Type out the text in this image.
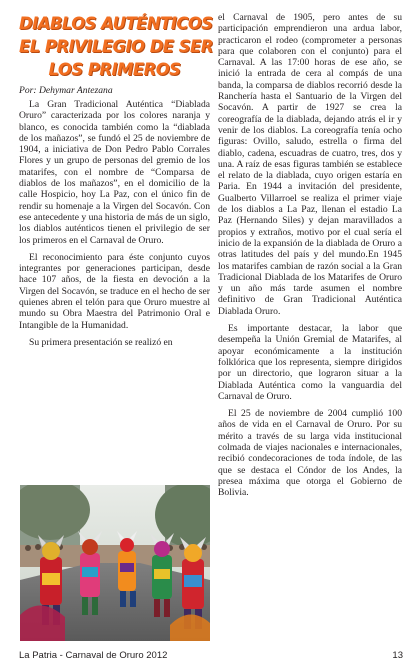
DIABLOS AUTÉNTICOS
EL PRIVILEGIO DE SER
LOS PRIMEROS
Por: Dehymar Antezana

La Gran Tradicional Auténtica “Diablada Oruro” caracterizada por los colores naranja y blanco, es conocida también como la “diablada de los mañazos”, se fundó el 25 de noviembre de 1904, a iniciativa de Don Pedro Pablo Corrales Flores y un grupo de personas del gremio de los matarifes, con el nombre de “Comparsa de diablos de los mañazos”, en el domicilio de la calle Hospicio, hoy La Paz, con el único fin de rendir su homenaje a la Virgen del Socavón. Con ese antecedente y una historia de más de un siglo, los diablos auténticos tienen el privilegio de ser los primeros en el Carnaval de Oruro.

El reconocimiento para éste conjunto cuyos integrantes por generaciones participan, desde hace 107 años, de la fiesta en devoción a la Virgen del Socavón, se traduce en el hecho de ser quienes abren el telón para que Oruro muestre al mundo su Obra Maestra del Patrimonio Oral e Intangible de la Humanidad.

Su primera presentación se realizó en

el Carnaval de 1905, pero antes de su participación emprendieron una ardua labor, practicaron el rodeo (comprometer a personas para que colaboren con el conjunto) para el Carnaval. A las 17:00 horas de ese año, se inició la entrada de cera al compás de una banda, la comparsa de diablos recorrió desde la Ranchería hasta el Santuario de la Virgen del Socavón. A partir de 1927 se crea la coreografía de la diablada, dejando atrás el ir y venir de los diablos. La coreografía tenía ocho figuras: Ovillo, saludo, estrella o firma del diablo, cadena, escuadras de cuatro, tres, dos y una. A raíz de esas figuras también se establece el relato de la diablada, cuyo origen estaría en Paria. En 1944 a invitación del presidente, Gualberto Villarroel se realiza el primer viaje de los diablos a La Paz, llenan el estadio La Paz (Hernando Siles) y dejan maravillados a propios y extraños, motivo por el cual sería el inicio de la expansión de la diablada de Oruro a otras latitudes del país y del mundo.En 1945 los matarifes cambian de razón social a la Gran Tradicional Diablada de los Matarifes de Oruro y un año más tarde asumen el nombre definitivo de Gran Tradicional Auténtica Diablada Oruro.

Es importante destacar, la labor que desempeña la Unión Gremial de Matarifes, al apoyar económicamente a la institución folklórica que los representa, siempre dirigidos por un directorio, que lograron situar a la Diablada Auténtica como la vanguardia del Carnaval de Oruro.

El 25 de noviembre de 2004 cumplió 100 años de vida en el Carnaval de Oruro. Por su mérito a través de su larga vida institucional colmada de viajes nacionales e internacionales, recibió condecoraciones de toda índole, de las que se destaca el Cóndor de los Andes, la presea máxima que otorga el Gobierno de Bolivia.

La Patria - Carnaval de Oruro 2012	13
